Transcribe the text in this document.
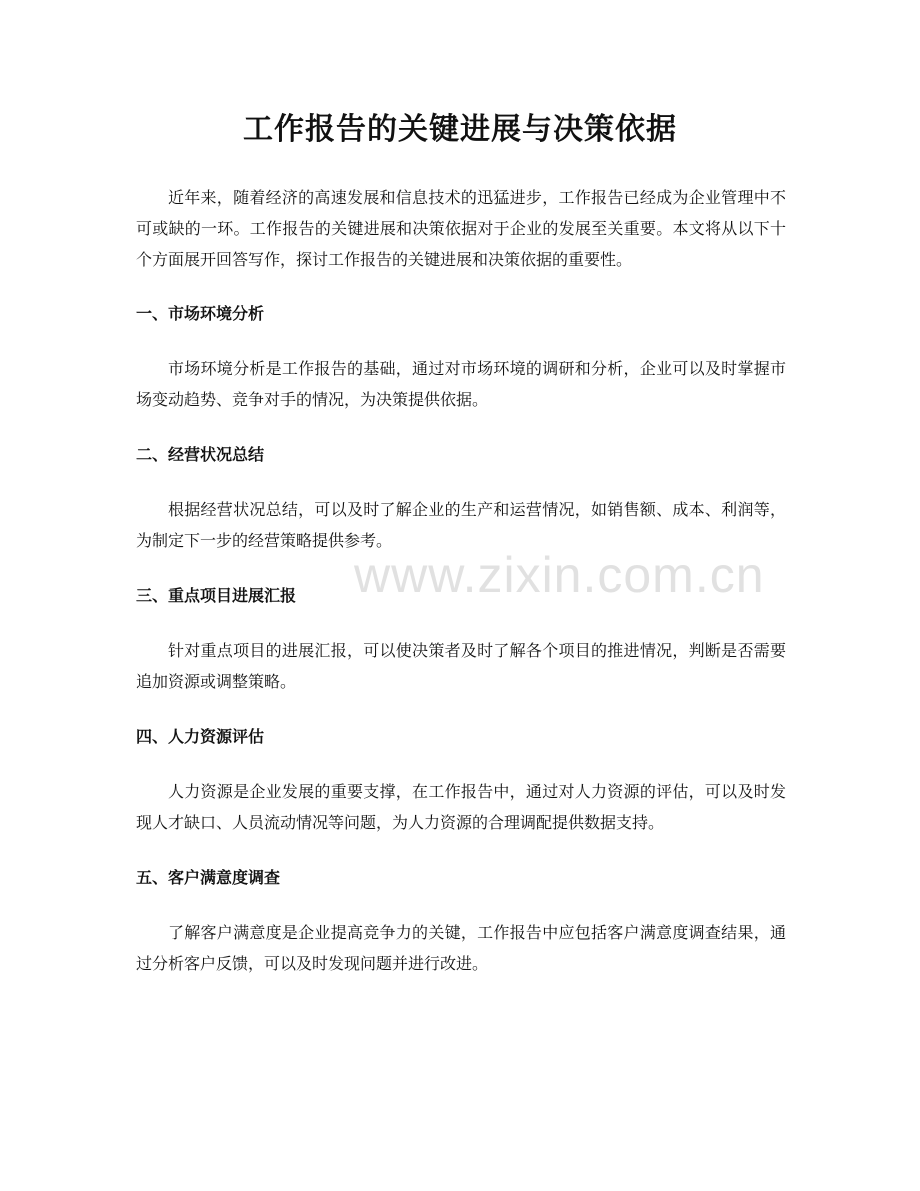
工作报告的关键进展与决策依据

近年来，随着经济的高速发展和信息技术的迅猛进步，工作报告已经成为企业管理中不可或缺的一环。工作报告的关键进展和决策依据对于企业的发展至关重要。本文将从以下十个方面展开回答写作，探讨工作报告的关键进展和决策依据的重要性。

一、市场环境分析

市场环境分析是工作报告的基础，通过对市场环境的调研和分析，企业可以及时掌握市场变动趋势、竞争对手的情况，为决策提供依据。

二、经营状况总结

根据经营状况总结，可以及时了解企业的生产和运营情况，如销售额、成本、利润等，为制定下一步的经营策略提供参考。

三、重点项目进展汇报

针对重点项目的进展汇报，可以使决策者及时了解各个项目的推进情况，判断是否需要追加资源或调整策略。

四、人力资源评估

人力资源是企业发展的重要支撑，在工作报告中，通过对人力资源的评估，可以及时发现人才缺口、人员流动情况等问题，为人力资源的合理调配提供数据支持。

五、客户满意度调查

了解客户满意度是企业提高竞争力的关键，工作报告中应包括客户满意度调查结果，通过分析客户反馈，可以及时发现问题并进行改进。

www.zixin.com.cn
